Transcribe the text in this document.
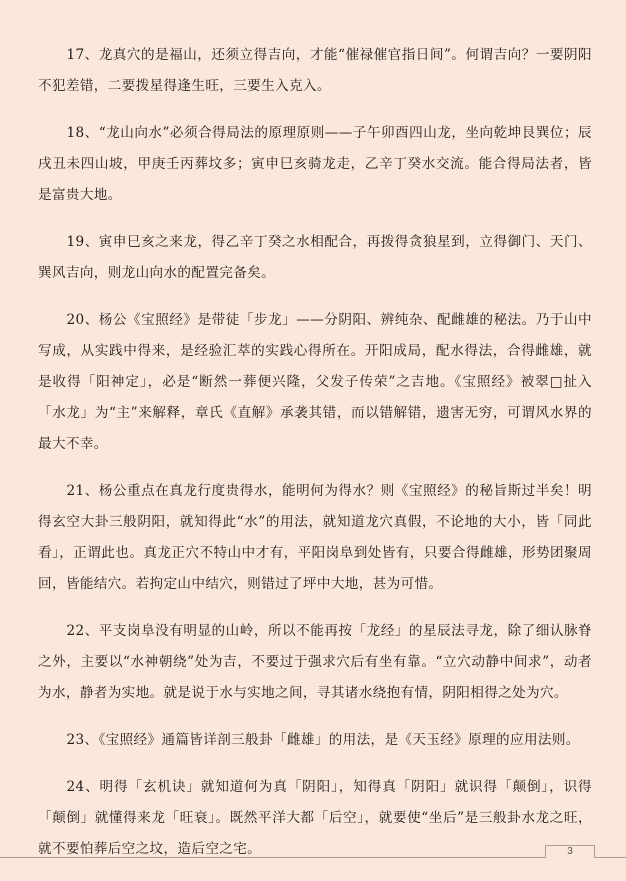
17、龙真穴的是福山，还须立得吉向，才能“催禄催官指日间”。何谓吉向？一要阴阳不犯差错，二要拨星得逢生旺，三要生入克入。

18、“龙山向水”必须合得局法的原理原则——子午卯酉四山龙，坐向乾坤艮巽位；辰戌丑未四山坡，甲庚壬丙葬坟多；寅申巳亥骑龙走，乙辛丁癸水交流。能合得局法者，皆是富贵大地。

19、寅申巳亥之来龙，得乙辛丁癸之水相配合，再拨得贪狼星到，立得御门、天门、巽风吉向，则龙山向水的配置完备矣。

20、杨公《宝照经》是带徒「步龙」——分阴阳、辨纯杂、配雌雄的秘法。乃于山中写成，从实践中得来，是经验汇萃的实践心得所在。开阳成局，配水得法，合得雌雄，就是收得「阳神定」，必是“断然一葬便兴隆，父发子传荣”之吉地。《宝照经》被翠□扯入「水龙」为“主”来解释，章氏《直解》承袭其错，而以错解错，遗害无穷，可谓风水界的最大不幸。

21、杨公重点在真龙行度贵得水，能明何为得水？则《宝照经》的秘旨斯过半矣！明得玄空大卦三般阴阳，就知得此“水”的用法，就知道龙穴真假，不论地的大小，皆「同此看」，正谓此也。真龙正穴不特山中才有，平阳岗阜到处皆有，只要合得雌雄，形势团聚周回，皆能结穴。若拘定山中结穴，则错过了坪中大地，甚为可惜。

22、平支岗阜没有明显的山岭，所以不能再按「龙经」的星辰法寻龙，除了细认脉脊之外，主要以“水神朝绕”处为吉，不要过于强求穴后有坐有靠。“立穴动静中间求”，动者为水，静者为实地。就是说于水与实地之间，寻其诸水绕抱有情，阴阳相得之处为穴。

23、《宝照经》通篇皆详剖三般卦「雌雄」的用法，是《天玉经》原理的应用法则。

24、明得「玄机诀」就知道何为真「阴阳」，知得真「阴阳」就识得「颠倒」，识得「颠倒」就懂得来龙「旺衰」。既然平洋大都「后空」，就要使“坐后”是三般卦水龙之旺，就不要怕葬后空之坟，造后空之宅。	3
